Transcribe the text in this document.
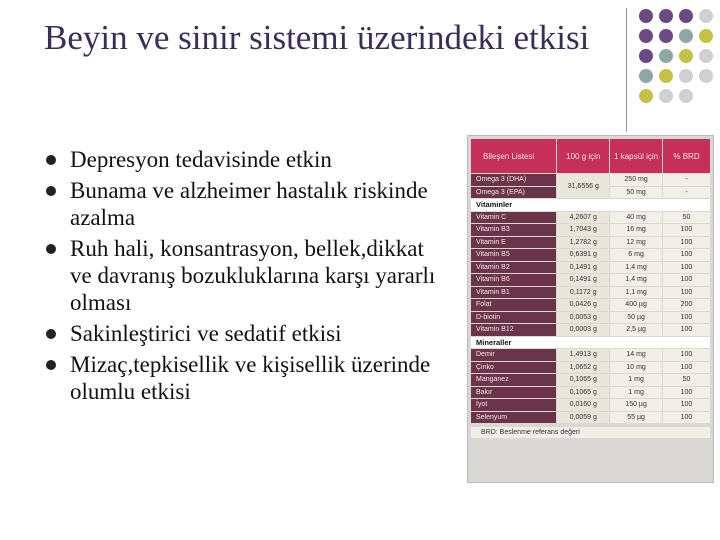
Beyin ve sinir sistemi üzerindeki etkisi
Depresyon tedavisinde etkin
Bunama ve alzheimer hastalık riskinde azalma
Ruh hali, konsantrasyon, bellek,dikkat ve davranış bozukluklarına karşı yararlı olması
Sakinleştirici ve sedatif etkisi
Mizaç,tepkisellik ve kişisellik üzerinde olumlu etkisi
Bileşen Listesi	100 g için	1 kapsül için	% BRD
Omega 3 (DHA)	31,6556 g	250 mg	-
Omega 3 (EPA)		50 mg	-
Vitaminler			
Vitamin C	4,2607 g	40 mg	50
Vitamin B3	1,7043 g	16 mg	100
Vitamin E	1,2782 g	12 mg	100
Vitamin B5	0,6391 g	6 mg	100
Vitamin B2	0,1491 g	1,4 mg	100
Vitamin B6	0,1491 g	1,4 mg	100
Vitamin B1	0,1172 g	1,1 mg	100
Folat	0,0426 g	400 µg	200
D-biotin	0,0053 g	50 µg	100
Vitamin B12	0,0003 g	2,5 µg	100
Mineraller			
Demir	1,4913 g	14 mg	100
Çinko	1,0652 g	10 mg	100
Manganez	0,1065 g	1 mg	50
Bakır	0,1065 g	1 mg	100
İyot	0,0160 g	150 µg	100
Selenyum	0,0059 g	55 µg	100
BRD: Beslenme referans değeri
